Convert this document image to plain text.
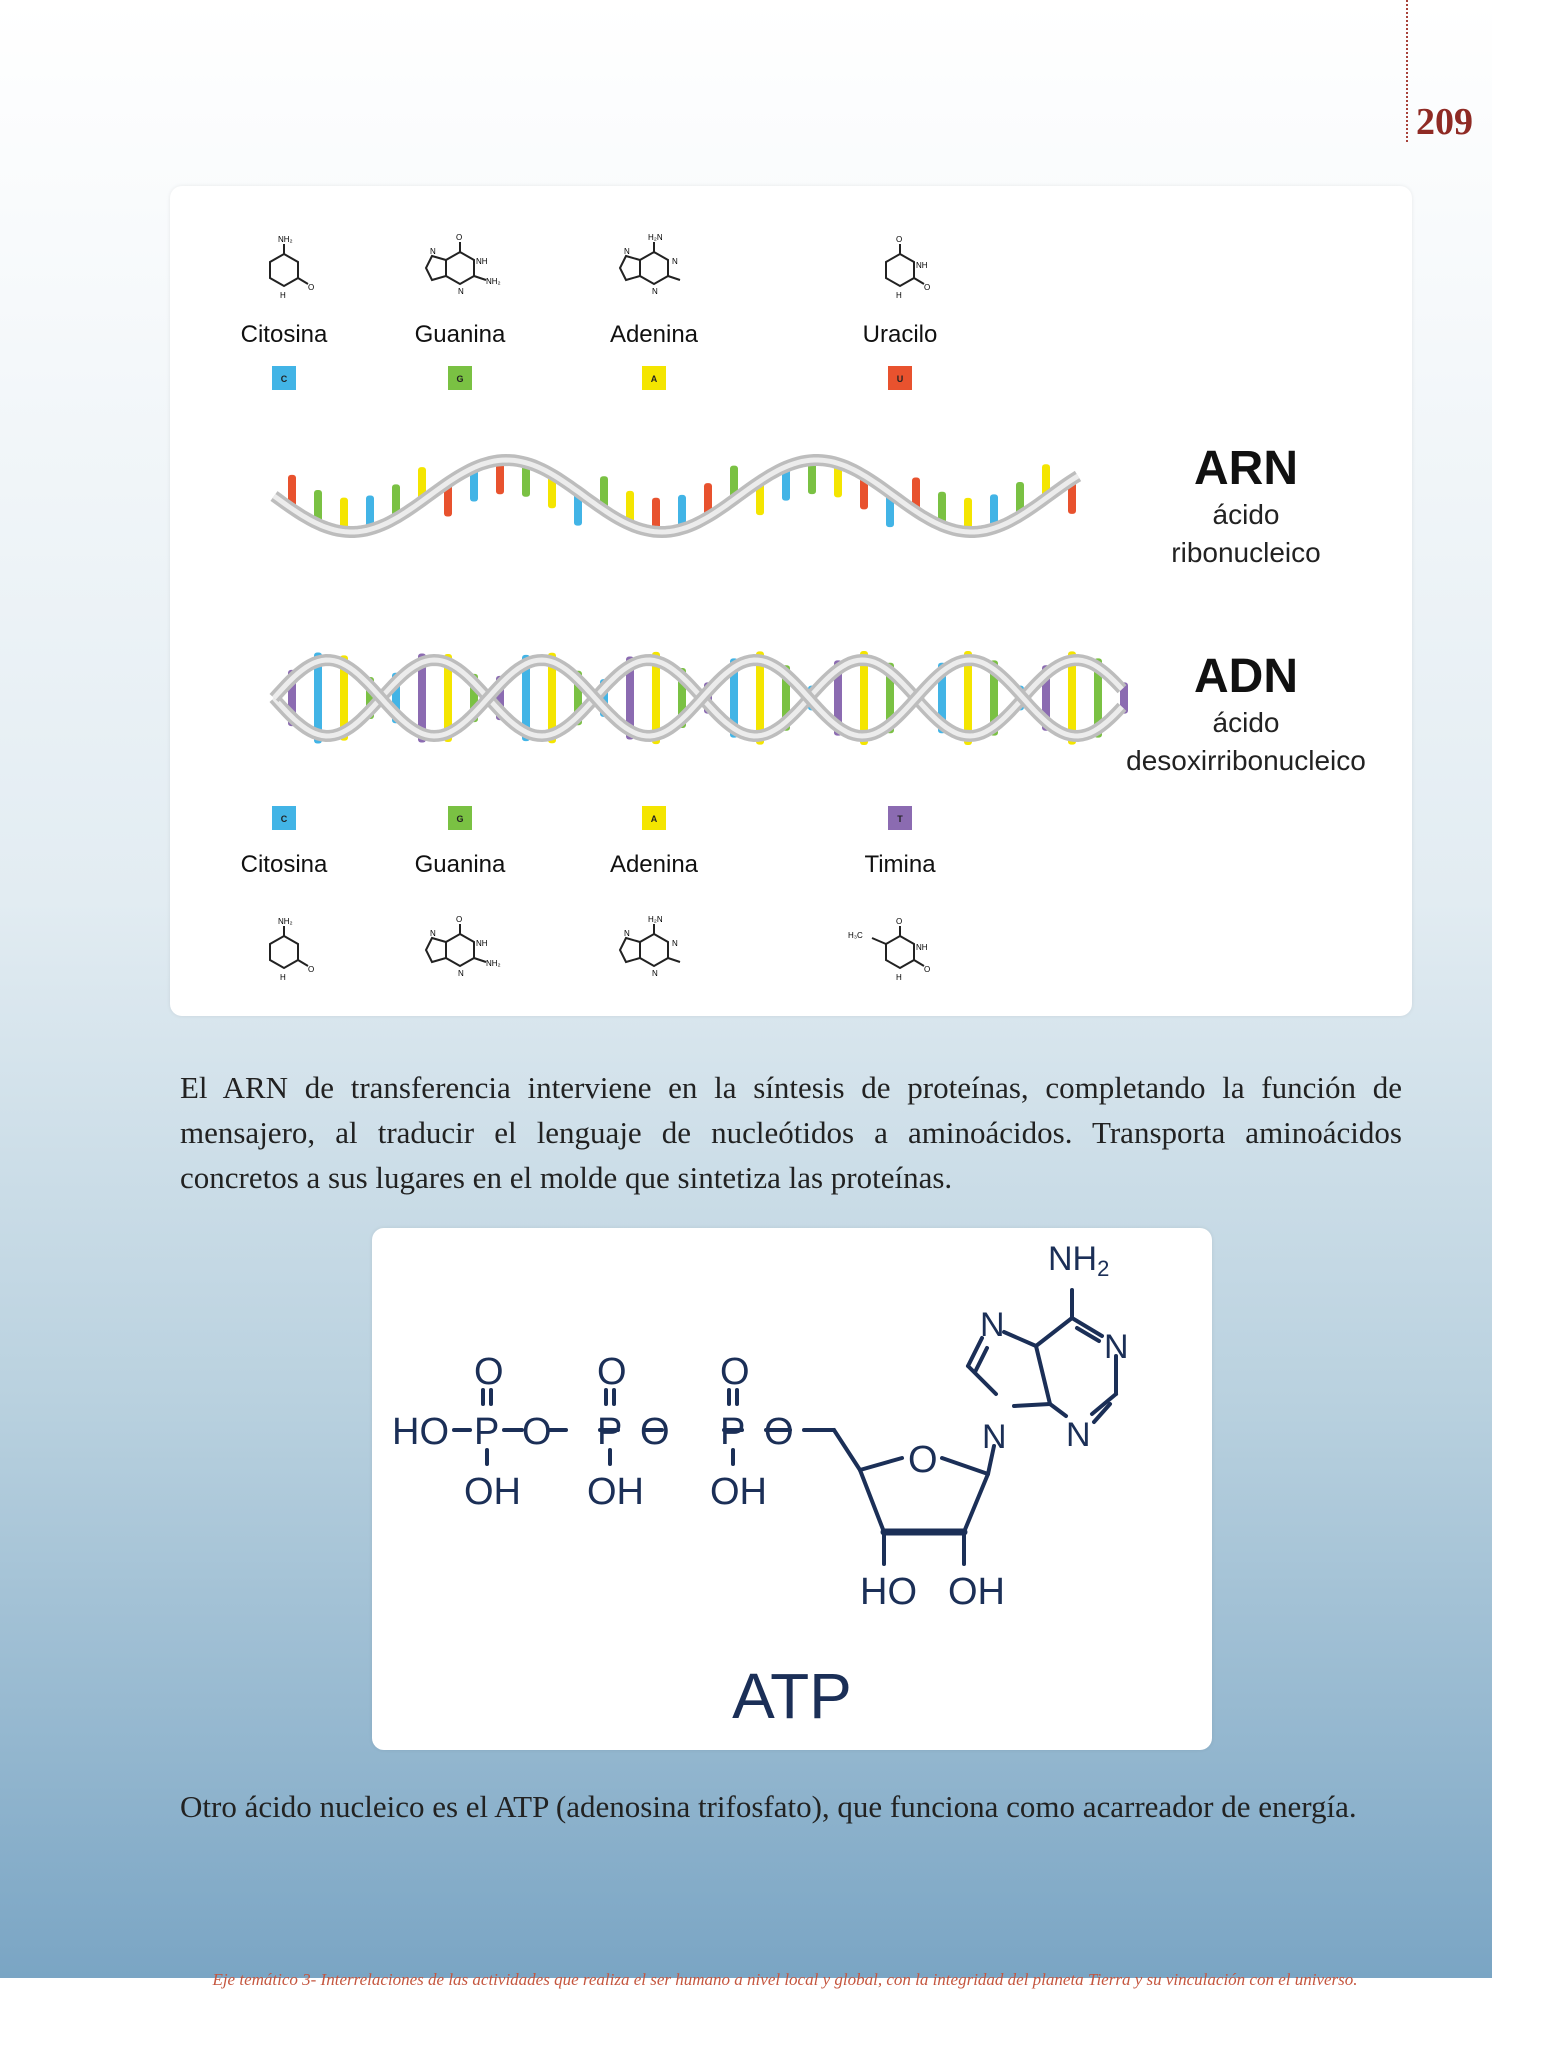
209
NH₂
H
O
O
NH
NH₂
N
N
H₂N
N
N
N
O
NH
O
H
Citosina
C
Guanina
G
Adenina
A
Uracilo
U
ARN
ácido
ribonucleico
ADN
ácido
desoxirribonucleico
Citosina
C
Guanina
G
Adenina
A
Timina
T
NH₂
H
O
O
NH
NH₂
N
N
H₂N
N
N
N
H₃C
O
NH
O
H
El ARN de transferencia interviene en la síntesis de proteínas, completando la función de mensajero, al traducir el lenguaje de nucleótidos a aminoácidos. Transporta aminoácidos concretos a sus lugares en el molde que sintetiza las proteínas.
HO P O P O P O
O O O
OH OH OH
O
HO OH
N
N
N
N
NH2
ATP
Otro ácido nucleico es el ATP (adenosina trifosfato), que funciona como acarreador de energía.
Eje temático 3- Interrelaciones de las actividades que realiza el ser humano a nivel local y global, con la integridad del planeta Tierra y su vinculación con el universo.
